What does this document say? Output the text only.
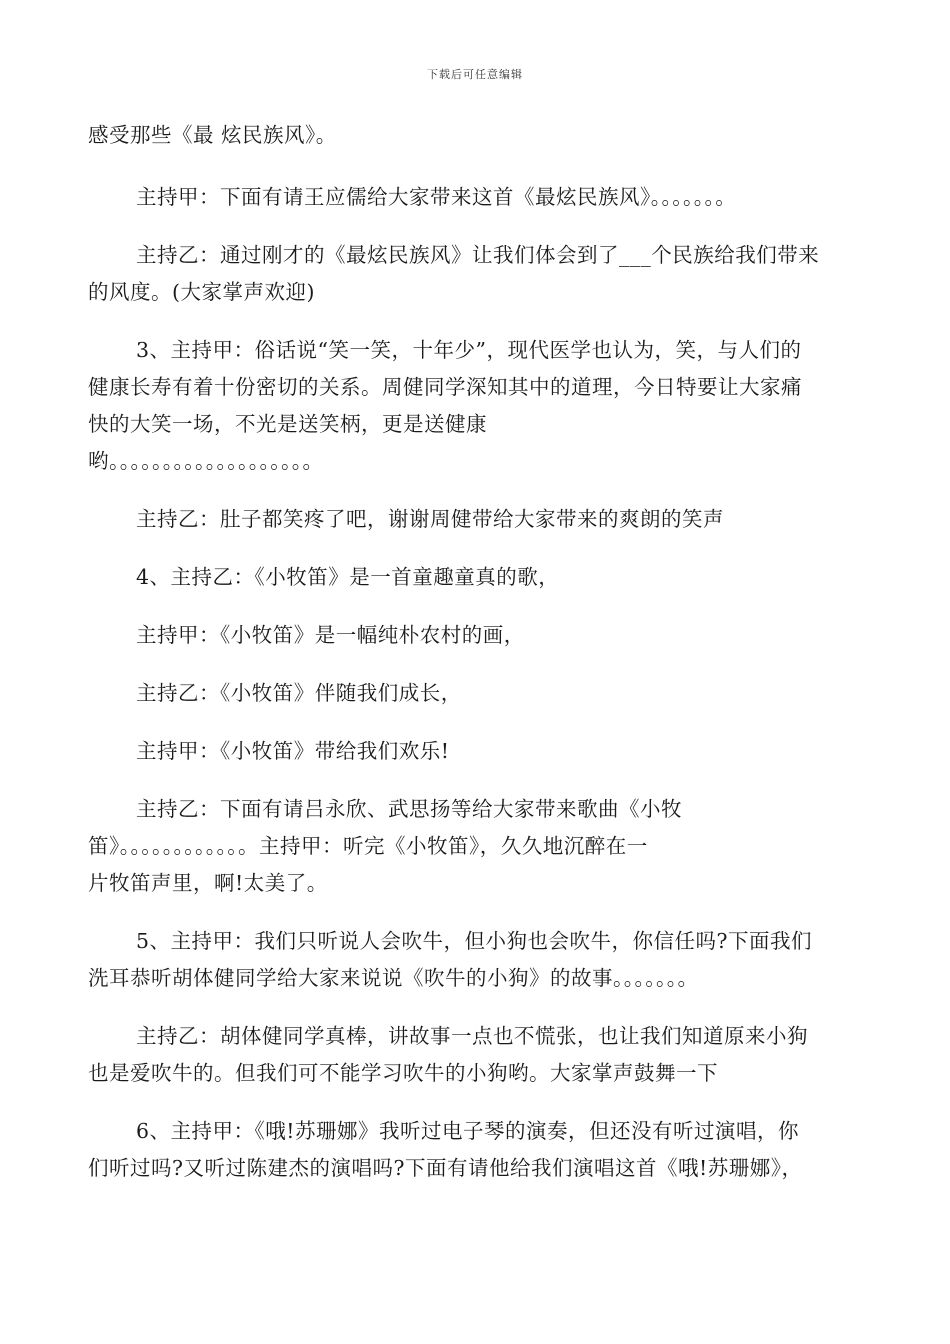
下载后可任意编辑
感受那些《最 炫民族风》。
主持甲：下面有请王应儒给大家带来这首《最炫民族风》。。。。。。。
主持乙：通过刚才的《最炫民族风》让我们体会到了___个民族给我们带来
的风度。(大家掌声欢迎)
3、主持甲：俗话说“笑一笑，十年少”，现代医学也认为，笑，与人们的
健康长寿有着十份密切的关系。周健同学深知其中的道理，今日特要让大家痛
快的大笑一场，不光是送笑柄，更是送健康
哟。。。。。。。。。。。。。。。。。。。
主持乙：肚子都笑疼了吧，谢谢周健带给大家带来的爽朗的笑声
4、主持乙：《小牧笛》是一首童趣童真的歌，
主持甲：《小牧笛》是一幅纯朴农村的画，
主持乙：《小牧笛》伴随我们成长，
主持甲：《小牧笛》带给我们欢乐!
主持乙：下面有请吕永欣、武思扬等给大家带来歌曲《小牧
笛》。。。。。。。。。。。。主持甲：听完《小牧笛》，久久地沉醉在一
片牧笛声里，啊!太美了。
5、主持甲：我们只听说人会吹牛，但小狗也会吹牛，你信任吗?下面我们
洗耳恭听胡体健同学给大家来说说《吹牛的小狗》的故事。。。。。。。
主持乙：胡体健同学真棒，讲故事一点也不慌张，也让我们知道原来小狗
也是爱吹牛的。但我们可不能学习吹牛的小狗哟。大家掌声鼓舞一下
6、主持甲：《哦!苏珊娜》我听过电子琴的演奏，但还没有听过演唱，你
们听过吗?又听过陈建杰的演唱吗?下面有请他给我们演唱这首《哦!苏珊娜》，
